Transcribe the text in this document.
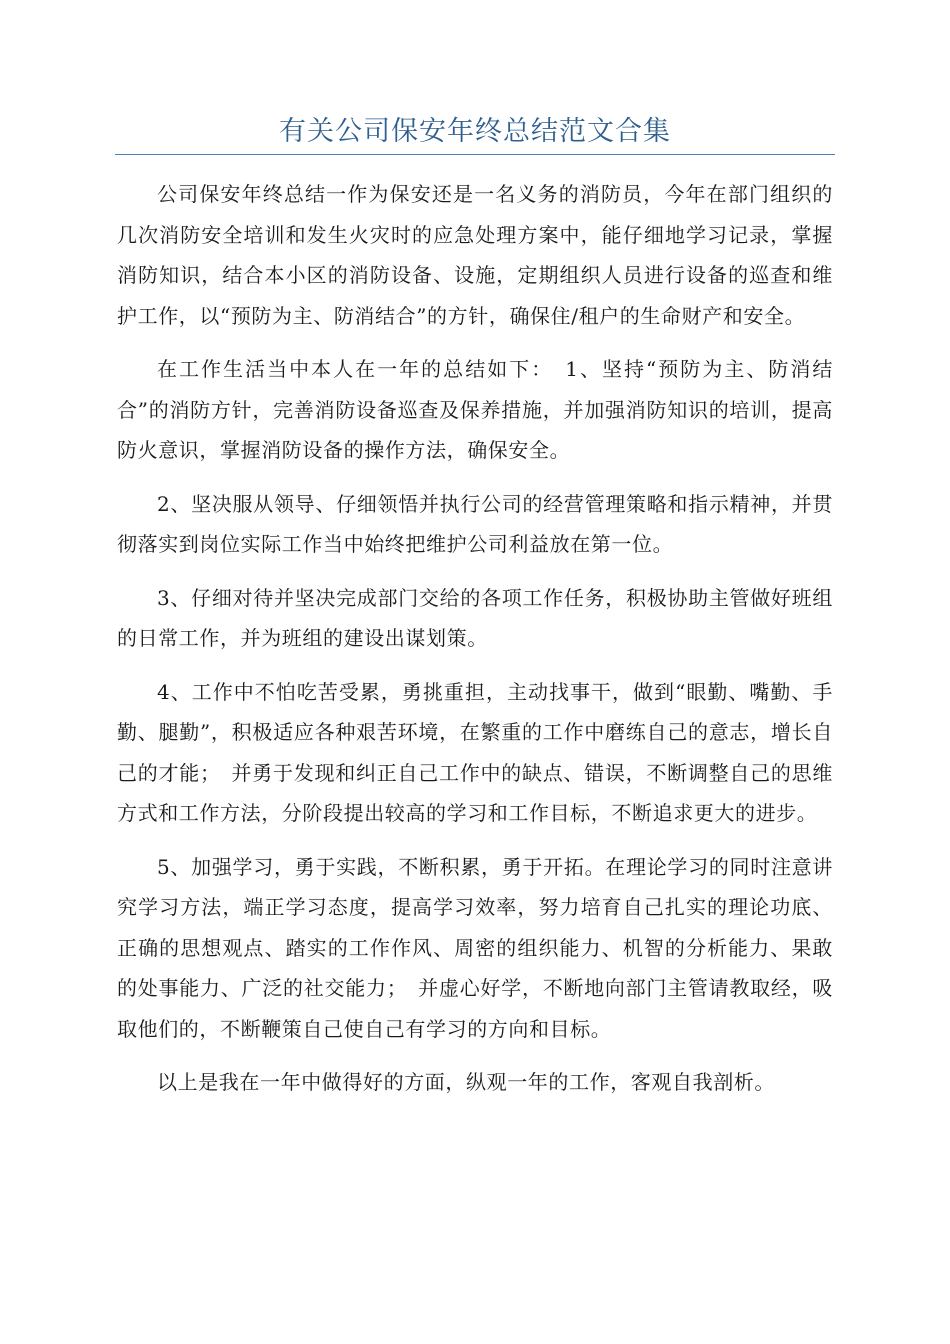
有关公司保安年终总结范文合集

公司保安年终总结一作为保安还是一名义务的消防员，今年在部门组织的几次消防安全培训和发生火灾时的应急处理方案中，能仔细地学习记录，掌握消防知识，结合本小区的消防设备、设施，定期组织人员进行设备的巡查和维护工作，以“预防为主、防消结合”的方针，确保住/租户的生命财产和安全。

在工作生活当中本人在一年的总结如下：　1、坚持“预防为主、防消结合”的消防方针，完善消防设备巡查及保养措施，并加强消防知识的培训，提高防火意识，掌握消防设备的操作方法，确保安全。

2、坚决服从领导、仔细领悟并执行公司的经营管理策略和指示精神，并贯彻落实到岗位实际工作当中始终把维护公司利益放在第一位。

3、仔细对待并坚决完成部门交给的各项工作任务，积极协助主管做好班组的日常工作，并为班组的建设出谋划策。

4、工作中不怕吃苦受累，勇挑重担，主动找事干，做到“眼勤、嘴勤、手勤、腿勤”，积极适应各种艰苦环境，在繁重的工作中磨练自己的意志，增长自己的才能；　并勇于发现和纠正自己工作中的缺点、错误，不断调整自己的思维方式和工作方法，分阶段提出较高的学习和工作目标，不断追求更大的进步。

5、加强学习，勇于实践，不断积累，勇于开拓。在理论学习的同时注意讲究学习方法，端正学习态度，提高学习效率，努力培育自己扎实的理论功底、正确的思想观点、踏实的工作作风、周密的组织能力、机智的分析能力、果敢的处事能力、广泛的社交能力；　并虚心好学，不断地向部门主管请教取经，吸取他们的，不断鞭策自己使自己有学习的方向和目标。

以上是我在一年中做得好的方面，纵观一年的工作，客观自我剖析。
